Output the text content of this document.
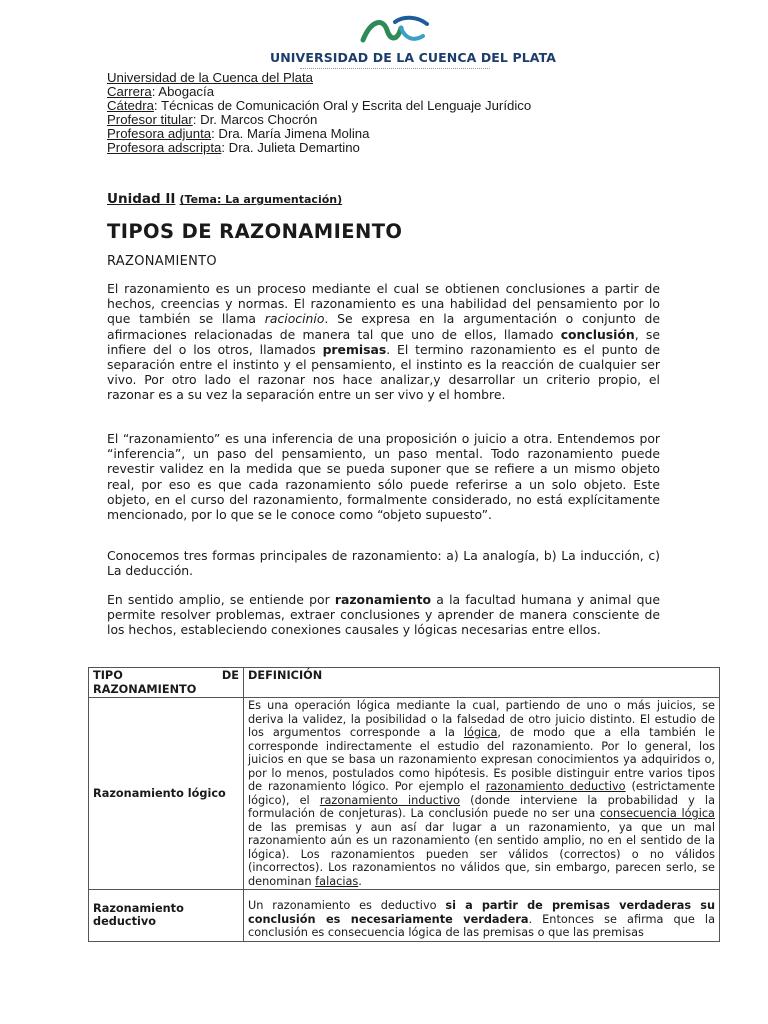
UNIVERSIDAD DE LA CUENCA DEL PLATA
Universidad de la Cuenca del Plata
Carrera: Abogacía
Cátedra: Técnicas de Comunicación Oral y Escrita del Lenguaje Jurídico
Profesor titular: Dr. Marcos Chocrón
Profesora adjunta: Dra. María Jimena Molina
Profesora adscripta: Dra. Julieta Demartino
Unidad II (Tema: La argumentación)
TIPOS DE RAZONAMIENTO
RAZONAMIENTO

El razonamiento es un proceso mediante el cual se obtienen conclusiones a partir de hechos, creencias y normas. El razonamiento es una habilidad del pensamiento por lo que también se llama raciocinio. Se expresa en la argumentación o conjunto de afirmaciones relacionadas de manera tal que uno de ellos, llamado conclusión, se infiere del o los otros, llamados premisas. El termino razonamiento es el punto de separación entre el instinto y el pensamiento, el instinto es la reacción de cualquier ser vivo. Por otro lado el razonar nos hace analizar,y desarrollar un criterio propio, el razonar es a su vez la separación entre un ser vivo y el hombre.

El “razonamiento” es una inferencia de una proposición o juicio a otra. Entendemos por “inferencia”, un paso del pensamiento, un paso mental. Todo razonamiento puede revestir validez en la medida que se pueda suponer que se refiere a un mismo objeto real, por eso es que cada razonamiento sólo puede referirse a un solo objeto. Este objeto, en el curso del razonamiento, formalmente considerado, no está explícitamente mencionado, por lo que se le conoce como “objeto supuesto”.

Conocemos tres formas principales de razonamiento: a) La analogía, b) La inducción, c) La deducción.

En sentido amplio, se entiende por razonamiento a la facultad humana y animal que permite resolver problemas, extraer conclusiones y aprender de manera consciente de los hechos, estableciendo conexiones causales y lógicas necesarias entre ellos.

TIPO DE
RAZONAMIENTO	DEFINICIÓN
Razonamiento lógico	Es una operación lógica mediante la cual, partiendo de uno o más juicios, se deriva la validez, la posibilidad o la falsedad de otro juicio distinto. El estudio de los argumentos corresponde a la lógica, de modo que a ella también le corresponde indirectamente el estudio del razonamiento. Por lo general, los juicios en que se basa un razonamiento expresan conocimientos ya adquiridos o, por lo menos, postulados como hipótesis. Es posible distinguir entre varios tipos de razonamiento lógico. Por ejemplo el razonamiento deductivo (estrictamente lógico), el razonamiento inductivo (donde interviene la probabilidad y la formulación de conjeturas). La conclusión puede no ser una consecuencia lógica de las premisas y aun así dar lugar a un razonamiento, ya que un mal razonamiento aún es un razonamiento (en sentido amplio, no en el sentido de la lógica). Los razonamientos pueden ser válidos (correctos) o no válidos (incorrectos). Los razonamientos no válidos que, sin embargo, parecen serlo, se denominan falacias.

Razonamiento deductivo	Un razonamiento es deductivo si a partir de premisas verdaderas su conclusión es necesariamente verdadera. Entonces se afirma que la conclusión es consecuencia lógica de las premisas o que las premisas
